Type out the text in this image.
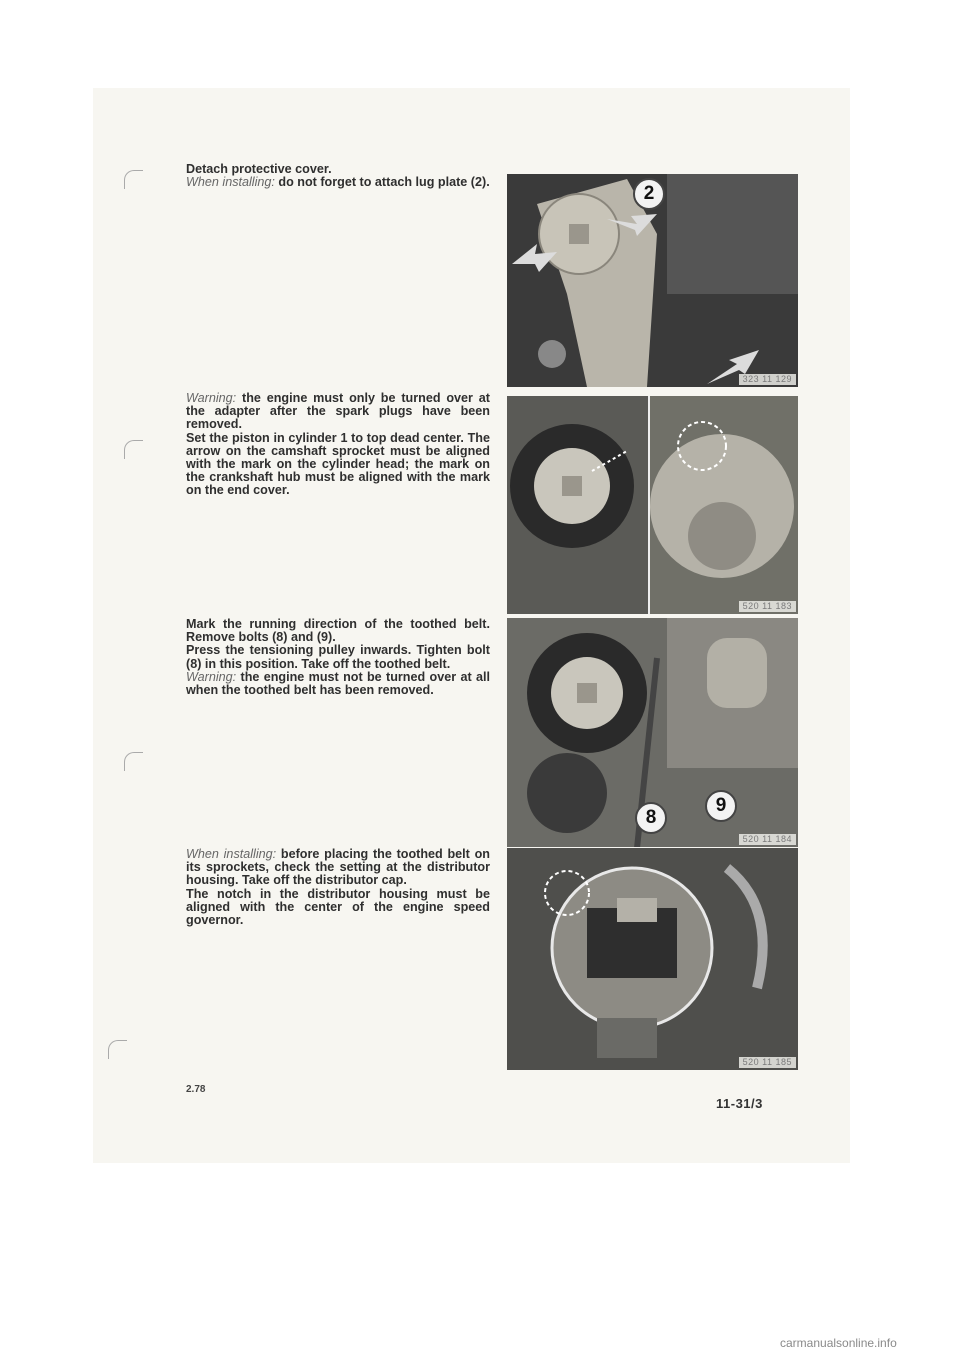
Detach protective cover.

When installing: do not forget to attach lug plate (2).

Warning: the engine must only be turned over at the adapter after the spark plugs have been removed.

Set the piston in cylinder 1 to top dead center. The arrow on the camshaft sprocket must be aligned with the mark on the cylinder head; the mark on the crankshaft hub must be aligned with the mark on the end cover.

Mark the running direction of the toothed belt. Remove bolts (8) and (9).

Press the tensioning pulley inwards. Tighten bolt (8) in this position. Take off the toothed belt.

Warning: the engine must not be turned over at all when the toothed belt has been removed.

When installing: before placing the toothed belt on its sprockets, check the setting at the distributor housing. Take off the distributor cap.

The notch in the distributor housing must be aligned with the center of the engine speed governor.

2
323 11 129
520 11 183
8
9
520 11 184
520 11 185
2.78
11-31/3
carmanualsonline.info
